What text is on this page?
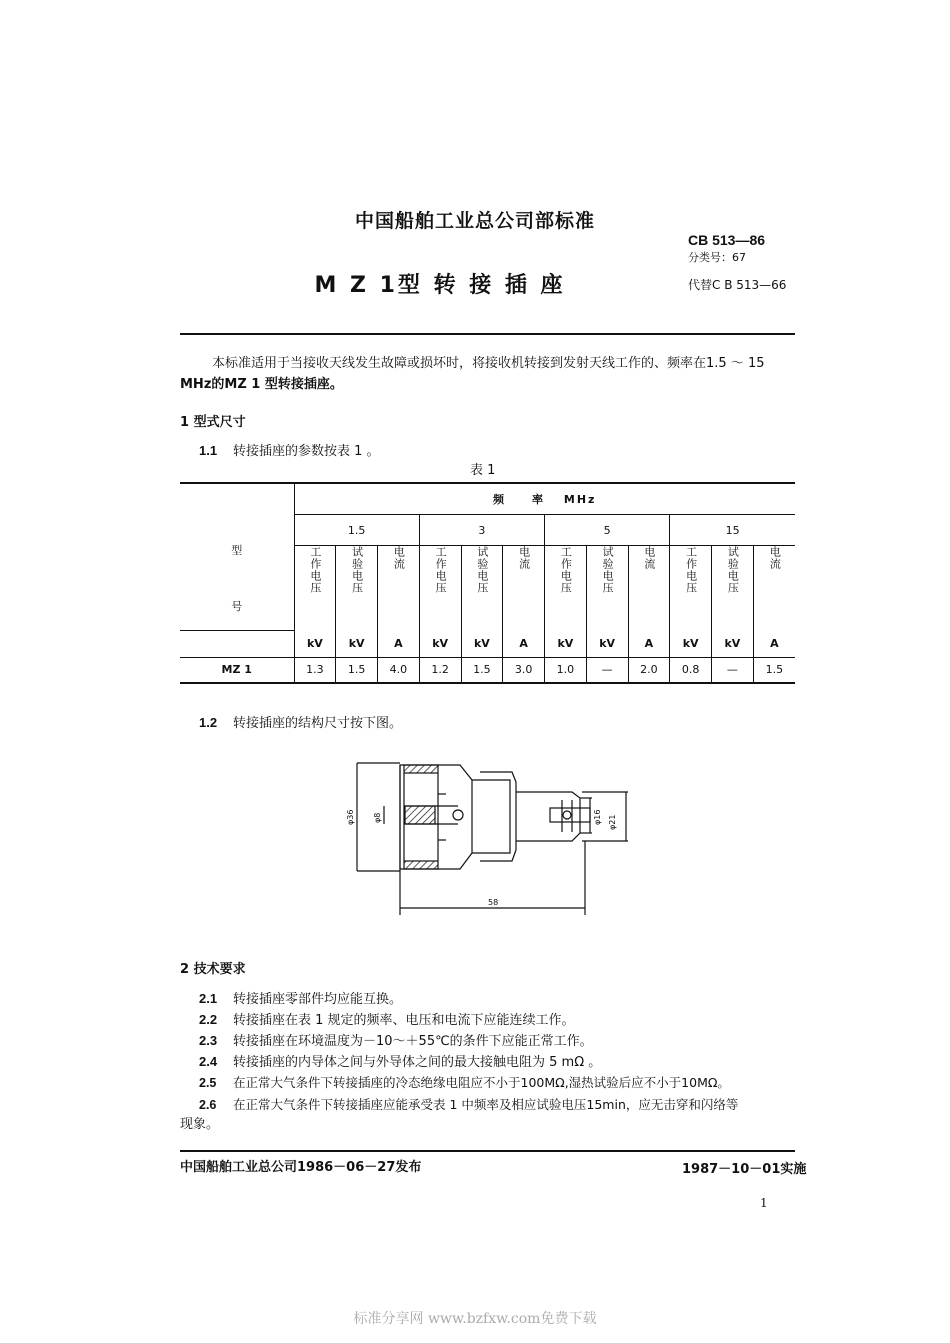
中国船舶工业总公司部标准
CB 513—86
分类号：67
M Z 1型 转 接 插 座	代替C B 513—66
本标准适用于当接收天线发生故障或损坏时，将接收机转接到发射天线工作的、频率在1.5 ～ 15
MHz的MZ 1 型转接插座。
1 型式尺寸
1.1 转接插座的参数按表 1 。
表 1
型
号	频　　率　 MHz											
	1.5			3			5			15		
	工作电压	试验电压	电流	工作电压	试验电压	电流	工作电压	试验电压	电流	工作电压	试验电压	电流
	kV	kV	A	kV	kV	A	kV	kV	A	kV	kV	A
MZ 1	1.3	1.5	4.0	1.2	1.5	3.0	1.0	—	2.0	0.8	—	1.5
1.2 转接插座的结构尺寸按下图。
φ36 φ8	φ16 φ21
58
2 技术要求
2.1 转接插座零部件均应能互换。
2.2 转接插座在表 1 规定的频率、电压和电流下应能连续工作。
2.3 转接插座在环境温度为－10～＋55℃的条件下应能正常工作。
2.4 转接插座的内导体之间与外导体之间的最大接触电阻为 5 mΩ 。
2.5 在正常大气条件下转接插座的冷态绝缘电阻应不小于100MΩ,湿热试验后应不小于10MΩ。
2.6 在正常大气条件下转接插座应能承受表 1 中频率及相应试验电压15min，应无击穿和闪络等
现象。
中国船舶工业总公司1986－06－27发布	1987－10－01实施
1
标准分享网 www.bzfxw.com免费下载
